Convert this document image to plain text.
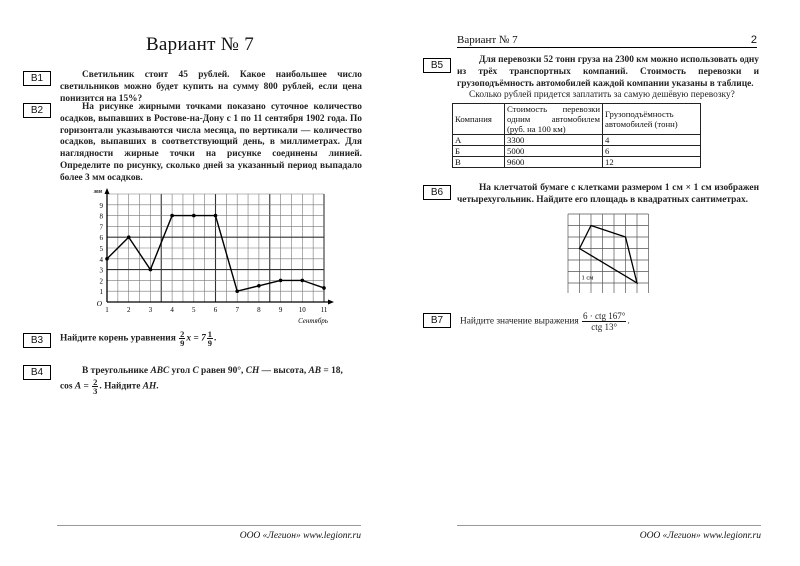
Вариант № 7
B1	Светильник стоит 45 рублей. Какое наибольшее число светильников можно будет купить на сумму 800 рублей, если цена понизится на 15%?
B2	На рисунке жирными точками показано суточное количество осадков, выпавших в Ростове-на-Дону с 1 по 11 сентября 1902 года. По горизонтали указываются числа месяца, по вертикали — количество осадков, выпавших в соответствующий день, в миллиметрах. Для наглядности жирные точки на рисунке соединены линией. Определите по рисунку, сколько дней за указанный период выпадало более 3 мм осадков.
1
2
3
4
5
6
7
8
9
мм
O
1	2	3	4	5	6	7	8	9 10 11
Сентябрь
B3	Найдите корень уравнения $\frac{2}{9}$ $x = 7 \frac{1}{9}$ .
B4	В треугольнике ABC угол C равен 90°, CH — высота, AB = 18,
$\cos A = \frac{2}{3}$ . Найдите AH.
ООО «Легион» www.legionr.ru
Вариант № 7	2
B5	Для перевозки 52 тонн груза на 2300 км можно использовать одну из трёх транспортных компаний. Стоимость перевозки и грузоподъёмность автомобилей каждой компании указаны в таблице.
Сколько рублей придется заплатить за самую дешёвую перевозку?
Компания	Стоимость перевозки одним автомобилем (руб. на 100 км)	Грузоподъёмность автомобилей (тонн)
А	3300	4
Б	5000	6
В	9600	12
B6	На клетчатой бумаге с клетками размером 1 см × 1 см изображен четырехугольник. Найдите его площадь в квадратных сантиметрах.
1 см
B7	Найдите значение выражения $\frac{\text{6 · ctg 167°}}{\text{ctg 13°}}$ .
ООО «Легион» www.legionr.ru
